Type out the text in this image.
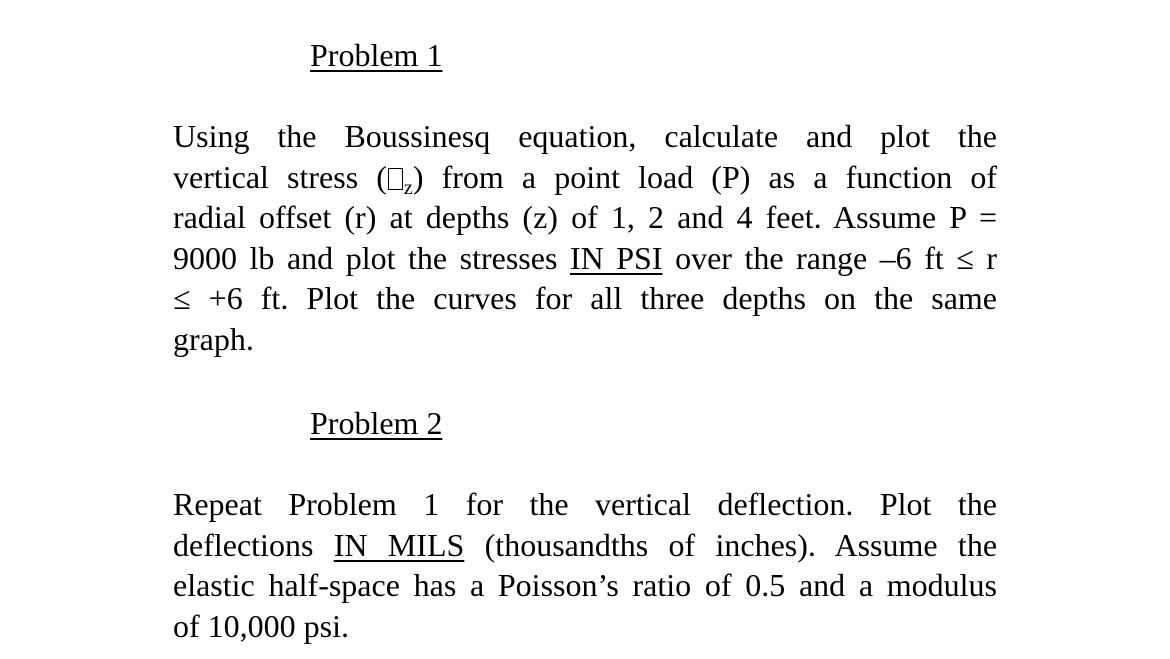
Problem 1
Using the Boussinesq equation, calculate and plot the
vertical stress ( $_z$) from a point load (P) as a function of
radial offset (r) at depths (z) of 1, 2 and 4 feet. Assume P =
9000 lb and plot the stresses IN PSI over the range –6 ft ≤ r
≤ +6 ft. Plot the curves for all three depths on the same
graph.
Problem 2
Repeat Problem 1 for the vertical deflection. Plot the
deflections IN MILS (thousandths of inches). Assume the
elastic half-space has a Poisson’s ratio of 0.5 and a modulus
of 10,000 psi.
